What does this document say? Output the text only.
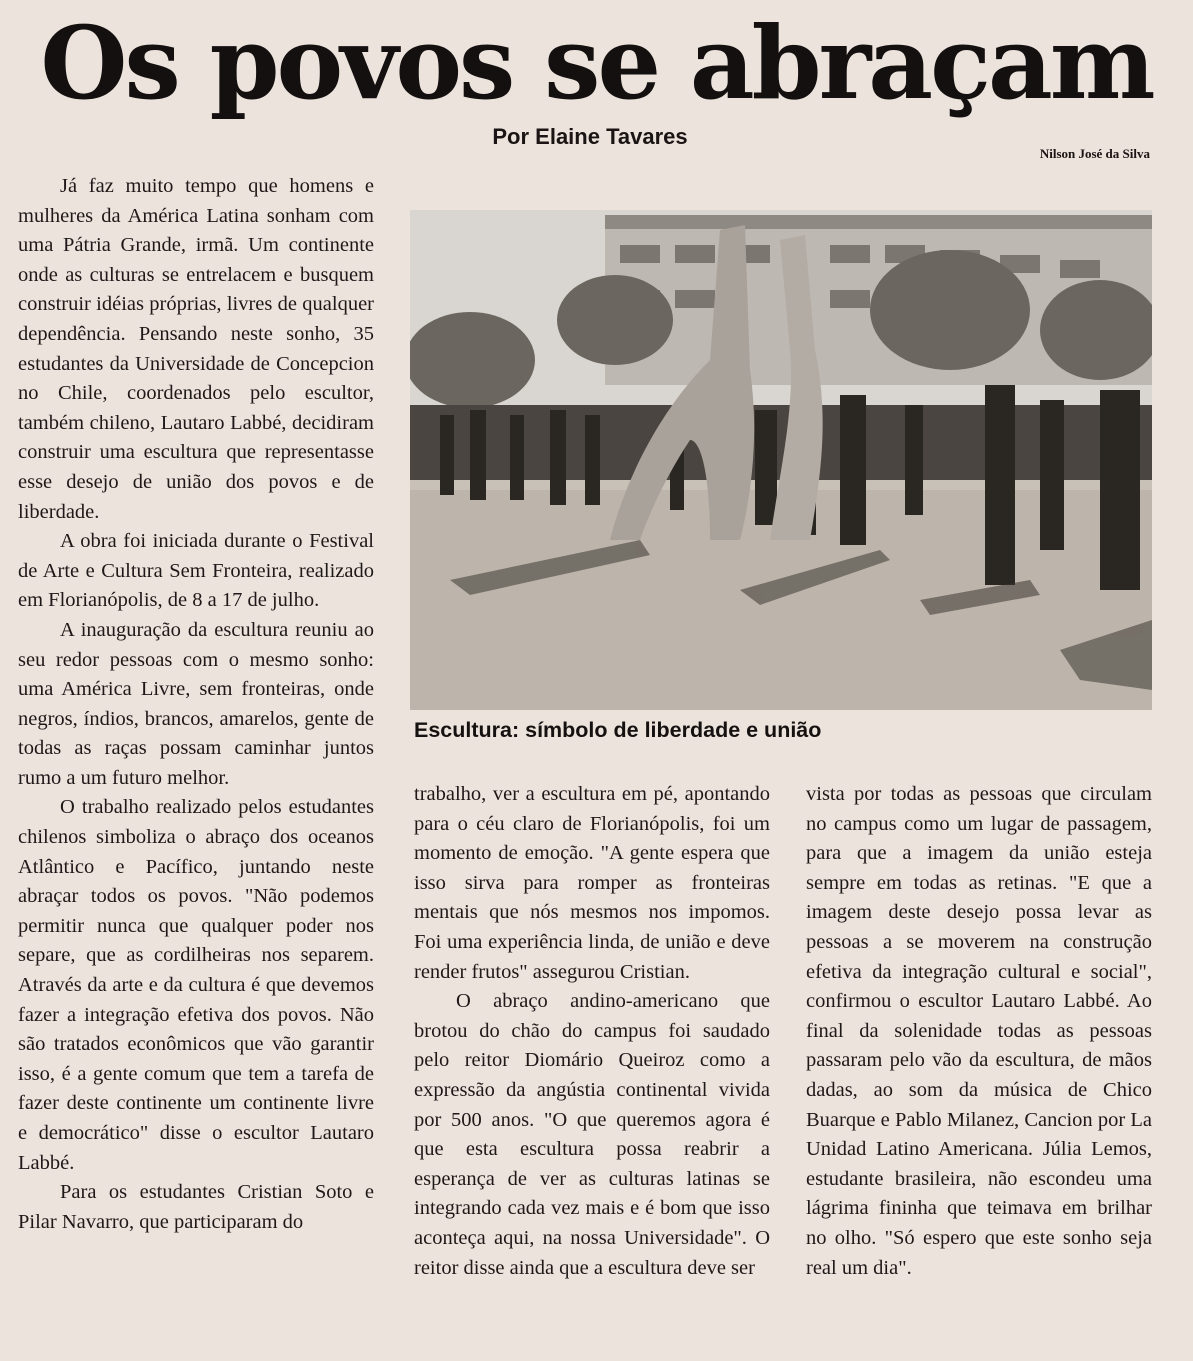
Os povos se abraçam
Por Elaine Tavares
Nilson José da Silva

Já faz muito tempo que homens e mulheres da América Latina sonham com uma Pátria Grande, irmã. Um continente onde as culturas se entrelacem e busquem construir idéias próprias, livres de qualquer dependência. Pensando neste sonho, 35 estudantes da Universidade de Concepcion no Chile, coordenados pelo escultor, também chileno, Lautaro Labbé, decidiram construir uma escultura que representasse esse desejo de união dos povos e de liberdade.

A obra foi iniciada durante o Festival de Arte e Cultura Sem Fronteira, realizado em Florianópolis, de 8 a 17 de julho.

A inauguração da escultura reuniu ao seu redor pessoas com o mesmo sonho: uma América Livre, sem fronteiras, onde negros, índios, brancos, amarelos, gente de todas as raças possam caminhar juntos rumo a um futuro melhor.

O trabalho realizado pelos estudantes chilenos simboliza o abraço dos oceanos Atlântico e Pacífico, juntando neste abraçar todos os povos. "Não podemos permitir nunca que qualquer poder nos separe, que as cordilheiras nos separem. Através da arte e da cultura é que devemos fazer a integração efetiva dos povos. Não são tratados econômicos que vão garantir isso, é a gente comum que tem a tarefa de fazer deste continente um continente livre e democrático" disse o escultor Lautaro Labbé.

Para os estudantes Cristian Soto e Pilar Navarro, que participaram do

Escultura: símbolo de liberdade e união

trabalho, ver a escultura em pé, apontando para o céu claro de Florianópolis, foi um momento de emoção. "A gente espera que isso sirva para romper as fronteiras mentais que nós mesmos nos impomos. Foi uma experiência linda, de união e deve render frutos" assegurou Cristian.

O abraço andino-americano que brotou do chão do campus foi saudado pelo reitor Diomário Queiroz como a expressão da angústia continental vivida por 500 anos. "O que queremos agora é que esta escultura possa reabrir a esperança de ver as culturas latinas se integrando cada vez mais e é bom que isso aconteça aqui, na nossa Universidade". O reitor disse ainda que a escultura deve ser

vista por todas as pessoas que circulam no campus como um lugar de passagem, para que a imagem da união esteja sempre em todas as retinas. "E que a imagem deste desejo possa levar as pessoas a se moverem na construção efetiva da integração cultural e social", confirmou o escultor Lautaro Labbé. Ao final da solenidade todas as pessoas passaram pelo vão da escultura, de mãos dadas, ao som da música de Chico Buarque e Pablo Milanez, Cancion por La Unidad Latino Americana. Júlia Lemos, estudante brasileira, não escondeu uma lágrima fininha que teimava em brilhar no olho. "Só espero que este sonho seja real um dia".
